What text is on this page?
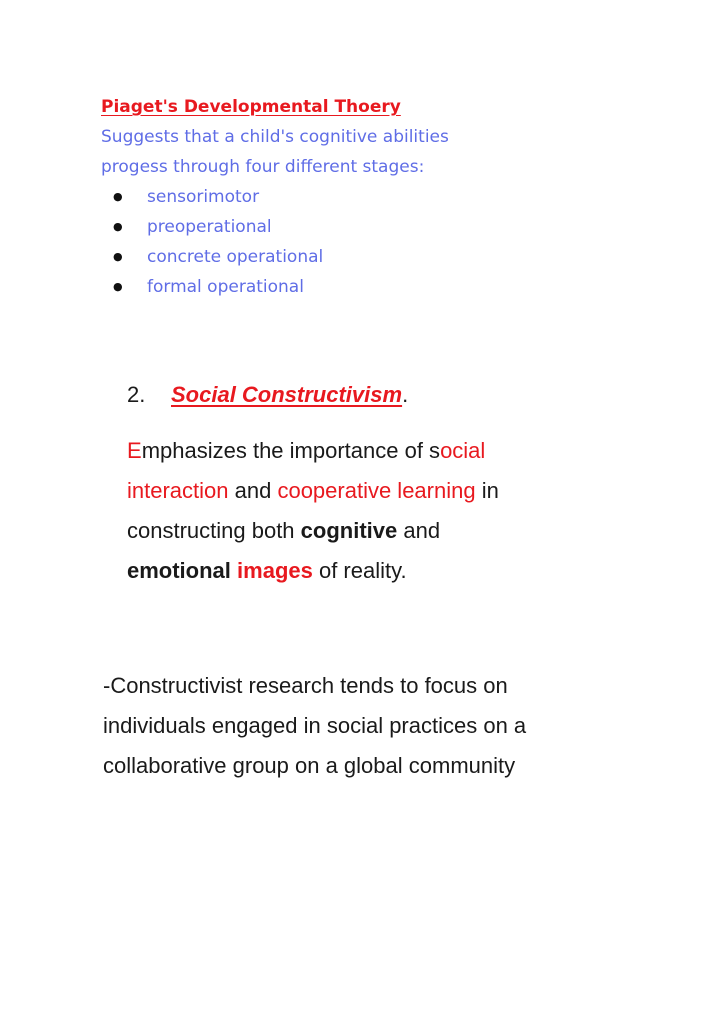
Piaget's Developmental Thoery
Suggests that a child's cognitive abilities
progess through four different stages:
● sensorimotor
● preoperational
● concrete operational
● formal operational
2. Social Constructivism.
Emphasizes the importance of social
interaction and cooperative learning in
constructing both cognitive and
emotional images of reality.
-Constructivist research tends to focus on
individuals engaged in social practices on a
collaborative group on a global community
